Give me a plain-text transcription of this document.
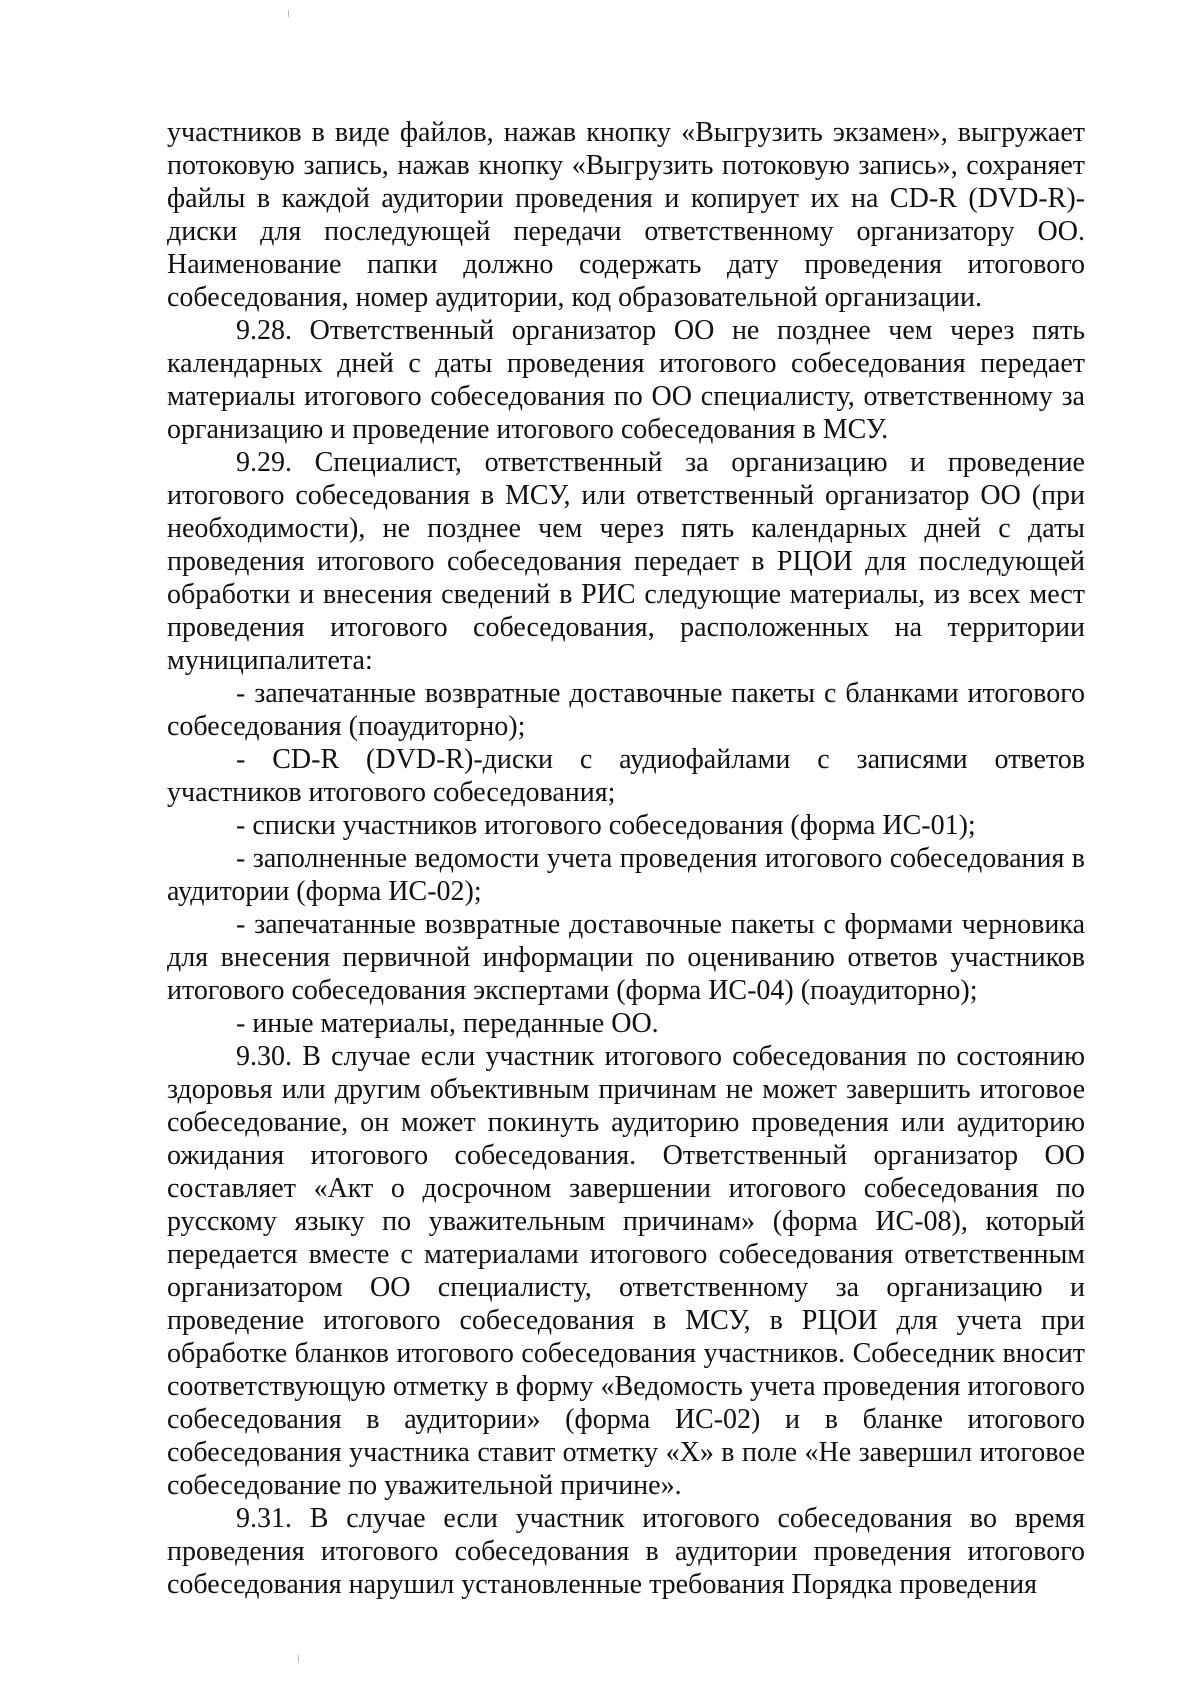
участников в виде файлов, нажав кнопку «Выгрузить экзамен», выгружает потоковую запись, нажав кнопку «Выгрузить потоковую запись», сохраняет файлы в каждой аудитории проведения и копирует их на CD-R (DVD-R)-диски для последующей передачи ответственному организатору ОО. Наименование папки должно содержать дату проведения итогового собеседования, номер аудитории, код образовательной организации.

9.28. Ответственный организатор ОО не позднее чем через пять календарных дней с даты проведения итогового собеседования передает материалы итогового собеседования по ОО специалисту, ответственному за организацию и проведение итогового собеседования в МСУ.

9.29. Специалист, ответственный за организацию и проведение итогового собеседования в МСУ, или ответственный организатор ОО (при необходимости), не позднее чем через пять календарных дней с даты проведения итогового собеседования передает в РЦОИ для последующей обработки и внесения сведений в РИС следующие материалы, из всех мест проведения итогового собеседования, расположенных на территории муниципалитета:

- запечатанные возвратные доставочные пакеты с бланками итогового собеседования (поаудиторно);

- CD-R (DVD-R)-диски с аудиофайлами с записями ответов участников итогового собеседования;

- списки участников итогового собеседования (форма ИС-01);

- заполненные ведомости учета проведения итогового собеседования в аудитории (форма ИС-02);

- запечатанные возвратные доставочные пакеты с формами черновика для внесения первичной информации по оцениванию ответов участников итогового собеседования экспертами (форма ИС-04) (поаудиторно);

- иные материалы, переданные ОО.

9.30. В случае если участник итогового собеседования по состоянию здоровья или другим объективным причинам не может завершить итоговое собеседование, он может покинуть аудиторию проведения или аудиторию ожидания итогового собеседования. Ответственный организатор ОО составляет «Акт о досрочном завершении итогового собеседования по русскому языку по уважительным причинам» (форма ИС-08), который передается вместе с материалами итогового собеседования ответственным организатором ОО специалисту, ответственному за организацию и проведение итогового собеседования в МСУ, в РЦОИ для учета при обработке бланков итогового собеседования участников. Собеседник вносит соответствующую отметку в форму «Ведомость учета проведения итогового собеседования в аудитории» (форма ИС-02) и в бланке итогового собеседования участника ставит отметку «Х» в поле «Не завершил итоговое собеседование по уважительной причине».

9.31. В случае если участник итогового собеседования во время проведения итогового собеседования в аудитории проведения итогового собеседования нарушил установленные требования Порядка проведения
